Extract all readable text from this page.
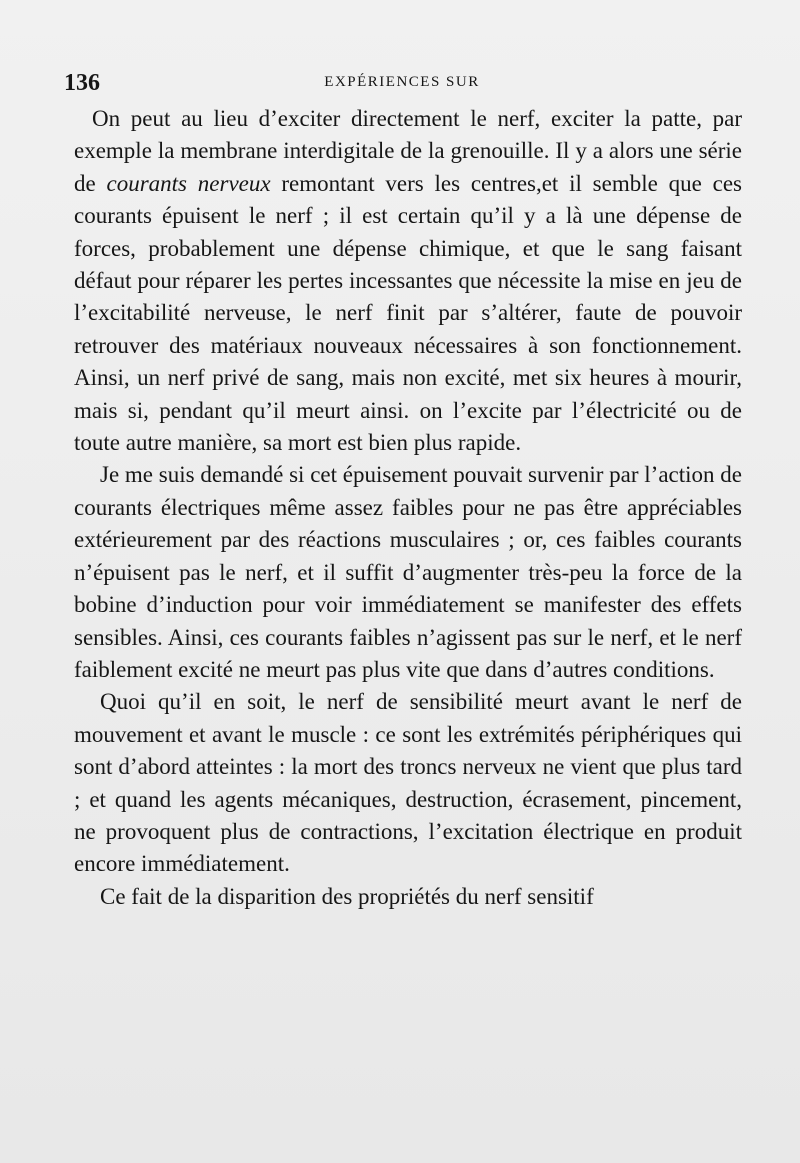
136	EXPÉRIENCES SUR

On peut au lieu d’exciter directement le nerf, exciter la patte, par exemple la membrane interdigitale de la grenouille. Il y a alors une série de courants nerveux remontant vers les centres,et il semble que ces courants épuisent le nerf ; il est certain qu’il y a là une dépense de forces, probablement une dépense chimique, et que le sang faisant défaut pour réparer les pertes incessantes que nécessite la mise en jeu de l’excitabilité nerveuse, le nerf finit par s’altérer, faute de pouvoir retrouver des matériaux nouveaux nécessaires à son fonctionnement. Ainsi, un nerf privé de sang, mais non excité, met six heures à mourir, mais si, pendant qu’il meurt ainsi. on l’excite par l’électricité ou de toute autre manière, sa mort est bien plus rapide.

Je me suis demandé si cet épuisement pouvait survenir par l’action de courants électriques même assez faibles pour ne pas être appréciables extérieurement par des réactions musculaires ; or, ces faibles courants n’épuisent pas le nerf, et il suffit d’augmenter très-peu la force de la bobine d’induction pour voir immédiatement se manifester des effets sensibles. Ainsi, ces courants faibles n’agissent pas sur le nerf, et le nerf faiblement excité ne meurt pas plus vite que dans d’autres conditions.

Quoi qu’il en soit, le nerf de sensibilité meurt avant le nerf de mouvement et avant le muscle : ce sont les extrémités périphériques qui sont d’abord atteintes : la mort des troncs nerveux ne vient que plus tard ; et quand les agents mécaniques, destruction, écrasement, pincement, ne provoquent plus de contractions, l’excitation électrique en produit encore immédiatement.

Ce fait de la disparition des propriétés du nerf sensitif
